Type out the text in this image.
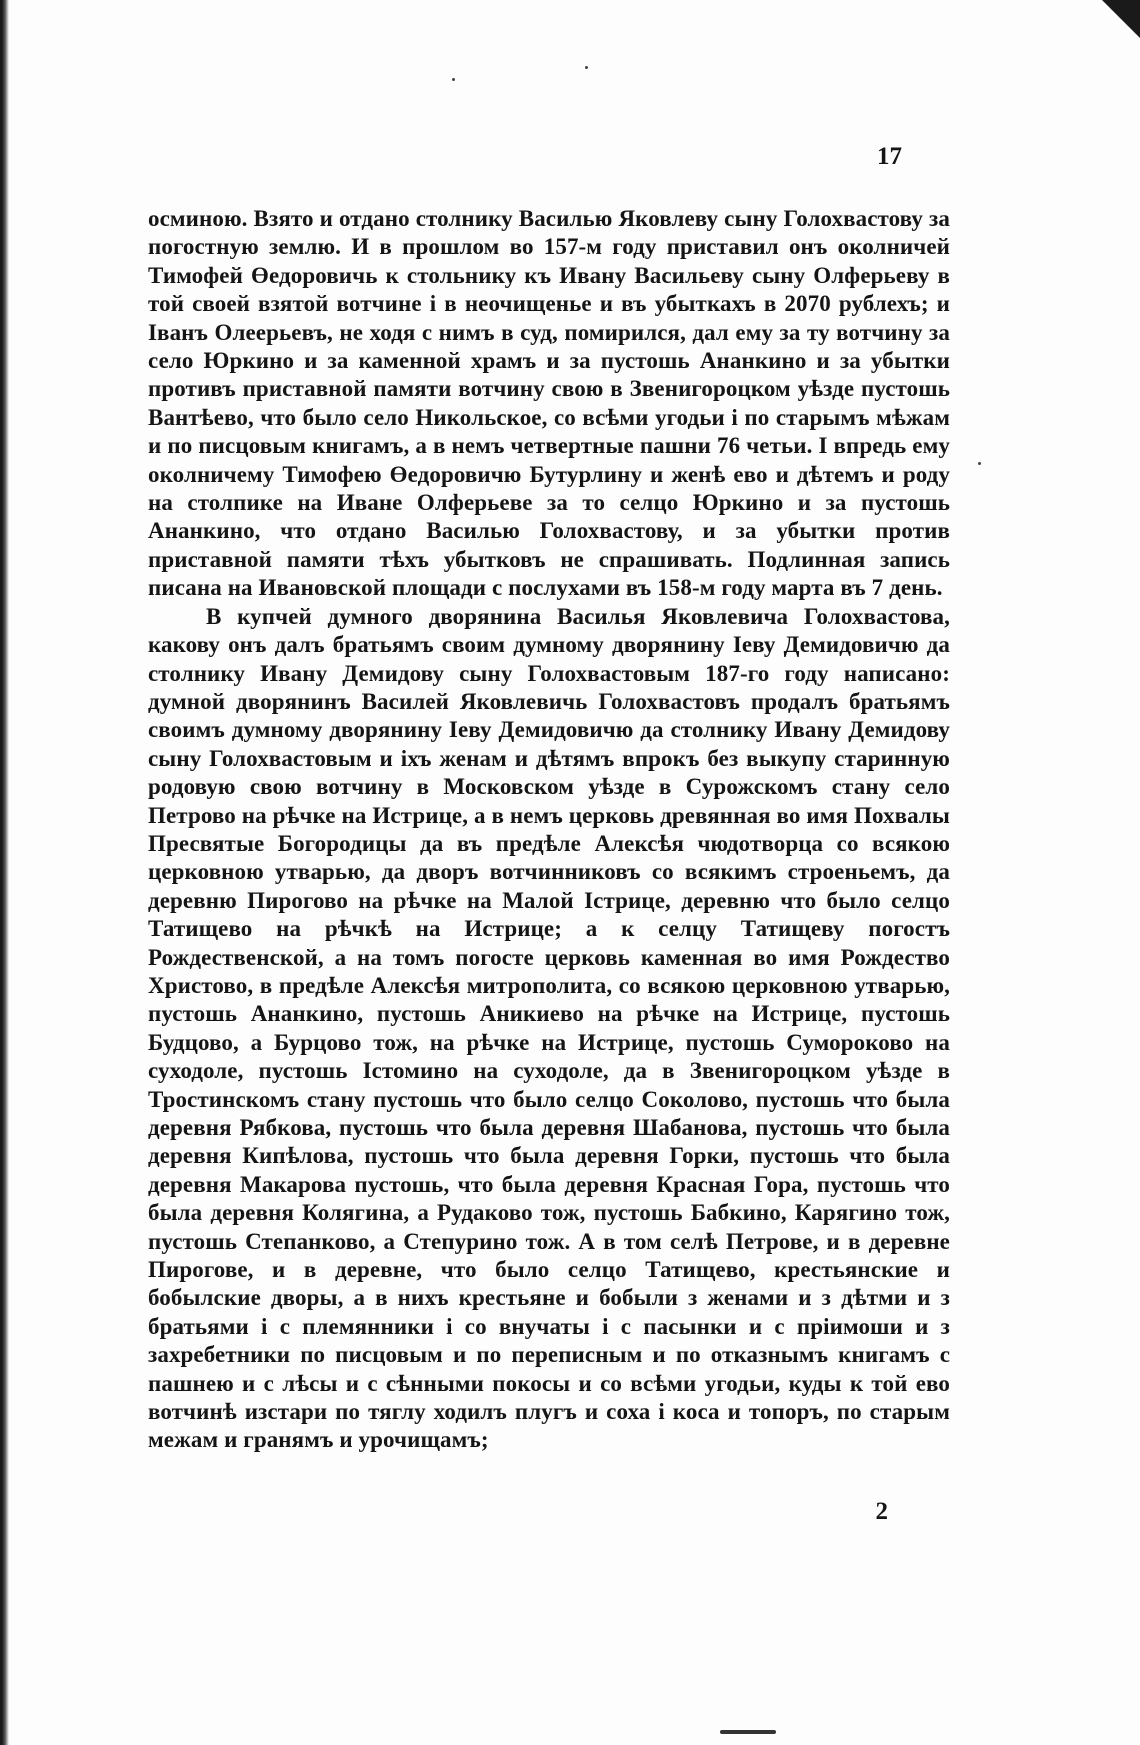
17

осминою. Взято и отдано столнику Василью Яковлеву сыну Голохвастову за погостную землю. И в прошлом во 157-м году приставил онъ околничей Тимофей Өедоровичь к стольнику къ Ивану Васильеву сыну Олферьеву в той своей взятой вотчине і в неочищенье и въ убыткахъ в 2070 рублехъ; и Іванъ Олеерьевъ, не ходя с нимъ в суд, помирился, дал ему за ту вотчину за село Юркино и за каменной храмъ и за пустошь Ананкино и за убытки противъ приставной памяти вотчину свою в Звенигороцком уѣзде пустошь Вантѣево, что было село Никольское, со всѣми угодьи і по старымъ мѣжам и по писцовым книгамъ, а в немъ четвертные пашни 76 четьи. І впредь ему околничему Тимофею Өедоровичю Бутурлину и женѣ ево и дѣтемъ и роду на столпике на Иване Олферьеве за то селцо Юркино и за пустошь Ананкино, что отдано Василью Голохвастову, и за убытки против приставной памяти тѣхъ убытковъ не спрашивать. Подлинная запись писана на Ивановской площади с послухами въ 158-м году марта въ 7 день.

В купчей думного дворянина Василья Яковлевича Голохвастова, какову онъ далъ братьямъ своим думному дворянину Іеву Демидовичю да столнику Ивану Демидову сыну Голохвастовым 187-го году написано: думной дворянинъ Василей Яковлевичь Голохвастовъ продалъ братьямъ своимъ думному дворянину Іеву Демидовичю да столнику Ивану Демидову сыну Голохвастовым и іхъ женам и дѣтямъ впрокъ без выкупу старинную родовую свою вотчину в Московском уѣзде в Сурожскомъ стану село Петрово на рѣчке на Истрице, а в немъ церковь древянная во имя Похвалы Пресвятые Богородицы да въ предѣле Алексѣя чюдотворца со всякою церковною утварью, да дворъ вотчинниковъ со всякимъ строеньемъ, да деревню Пирогово на рѣчке на Малой Істрице, деревню что было селцо Татищево на рѣчкѣ на Истрице; а к селцу Татищеву погостъ Рождественской, а на томъ погосте церковь каменная во имя Рождество Христово, в предѣле Алексѣя митрополита, со всякою церковною утварью, пустошь Ананкино, пустошь Аникиево на рѣчке на Истрице, пустошь Будцово, а Бурцово тож, на рѣчке на Истрице, пустошь Сумороково на суходоле, пустошь Істомино на суходоле, да в Звенигороцком уѣзде в Тростинскомъ стану пустошь что было селцо Соколово, пустошь что была деревня Рябкова, пустошь что была деревня Шабанова, пустошь что была деревня Кипѣлова, пустошь что была деревня Горки, пустошь что была деревня Макарова пустошь, что была деревня Красная Гора, пустошь что была деревня Колягина, а Рудаково тож, пустошь Бабкино, Карягино тож, пустошь Степанково, а Степурино тож. А в том селѣ Петрове, и в деревне Пирогове, и в деревне, что было селцо Татищево, крестьянские и бобылские дворы, а в нихъ крестьяне и бобыли з женами и з дѣтми и з братьями і с племянники і со внучаты і с пасынки и с пріимоши и з захребетники по писцовым и по переписным и по отказнымъ книгамъ с пашнею и с лѣсы и с сѣнными покосы и со всѣми угодьи, куды к той ево вотчинѣ изстари по тяглу ходилъ плугъ и соха і коса и топоръ, по старым межам и гранямъ и урочищамъ;

2
